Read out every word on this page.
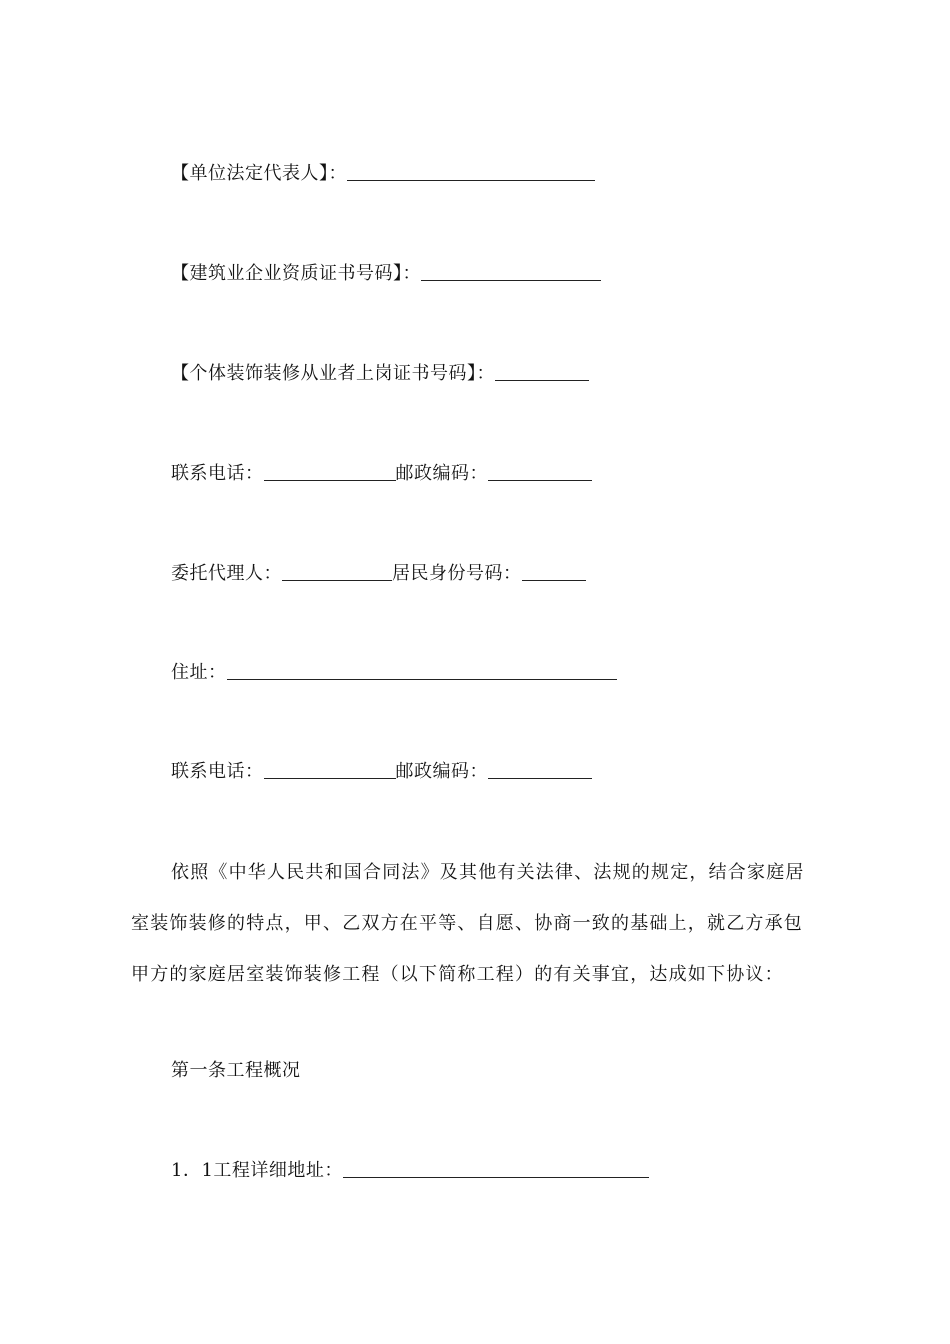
【单位法定代表人】：
【建筑业企业资质证书号码】：
【个体装饰装修从业者上岗证书号码】：
联系电话：	邮政编码：
委托代理人：	居民身份号码：
住址：
联系电话：	邮政编码：
依照《中华人民共和国合同法》及其他有关法律、法规的规定，结合家庭居
室装饰装修的特点，甲、乙双方在平等、自愿、协商一致的基础上，就乙方承包
甲方的家庭居室装饰装修工程（以下简称工程）的有关事宜，达成如下协议：
第一条工程概况
1．1工程详细地址：
